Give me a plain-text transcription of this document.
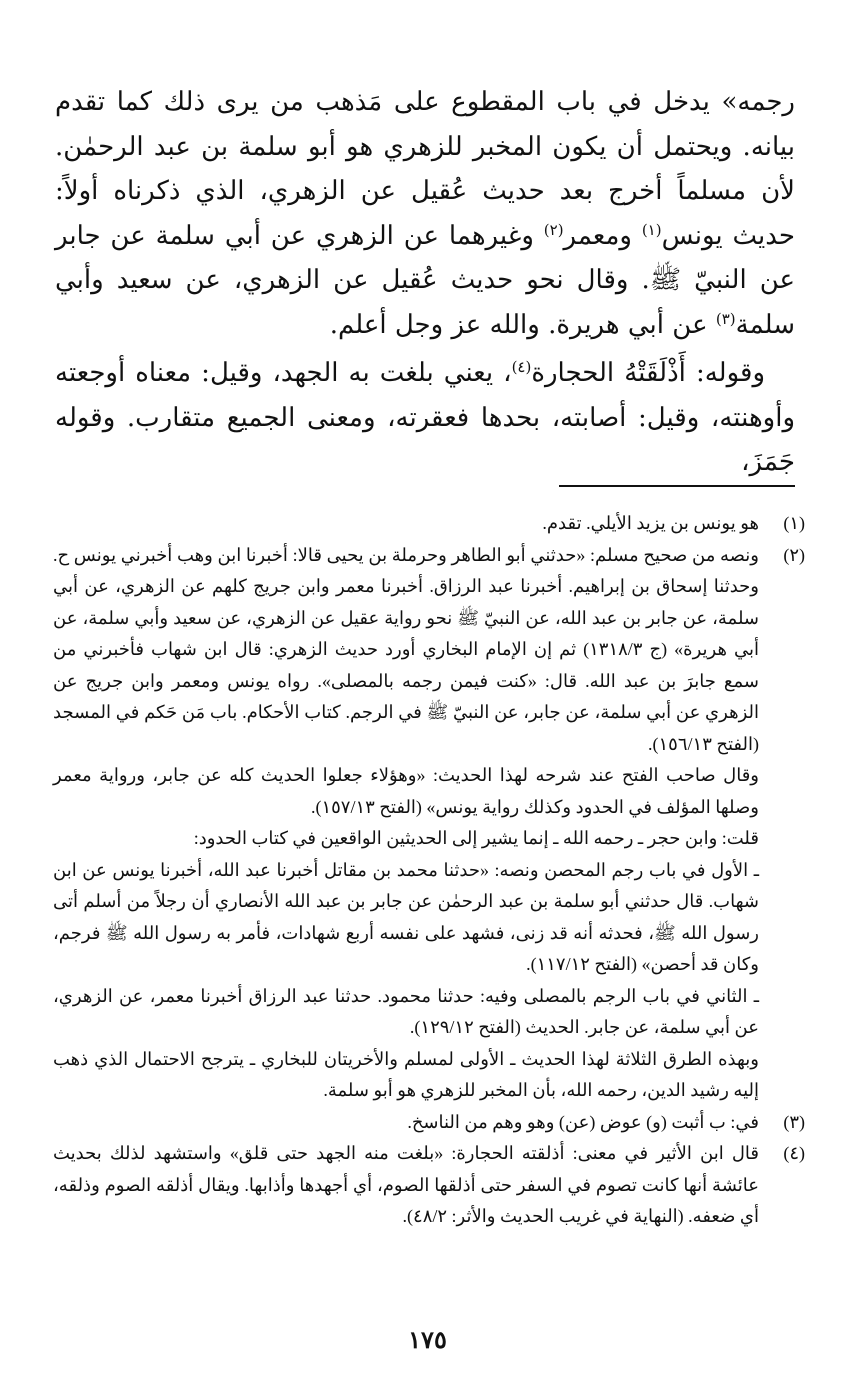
رجمه» يدخل في باب المقطوع على مَذهب من يرى ذلك كما تقدم بيانه. ويحتمل أن يكون المخبر للزهري هو أبو سلمة بن عبد الرحمٰن. لأن مسلماً أخرج بعد حديث عُقيل عن الزهري، الذي ذكرناه أولاً: حديث يونس$^{(١)}$ ومعمر$^{(٢)}$ وغيرهما عن الزهري عن أبي سلمة عن جابر عن النبيّ ﷺ. وقال نحو حديث عُقيل عن الزهري، عن سعيد وأبي سلمة$^{(٣)}$ عن أبي هريرة. والله عز وجل أعلم.

وقوله: أَذْلَقَتْهُ الحجارة$^{(٤)}$، يعني بلغت به الجهد، وقيل: معناه أوجعته وأوهنته، وقيل: أصابته، بحدها فعقرته، ومعنى الجميع متقارب. وقوله جَمَزَ،

(١)

هو يونس بن يزيد الأيلي. تقدم.

(٢)

ونصه من صحيح مسلم: «حدثني أبو الطاهر وحرملة بن يحيى قالا: أخبرنا ابن وهب أخبرني يونس ح. وحدثنا إسحاق بن إبراهيم. أخبرنا عبد الرزاق. أخبرنا معمر وابن جريج كلهم عن الزهري، عن أبي سلمة، عن جابر بن عبد الله، عن النبيّ ﷺ نحو رواية عقيل عن الزهري، عن سعيد وأبي سلمة، عن أبي هريرة» (ج ١٣١٨/٣) ثم إن الإمام البخاري أورد حديث الزهري: قال ابن شهاب فأخبرني من سمع جابرَ بن عبد الله. قال: «كنت فيمن رجمه بالمصلى». رواه يونس ومعمر وابن جريج عن الزهري عن أبي سلمة، عن جابر، عن النبيّ ﷺ في الرجم. كتاب الأحكام. باب مَن حَكم في المسجد (الفتح ١٥٦/١٣).

وقال صاحب الفتح عند شرحه لهذا الحديث: «وهؤلاء جعلوا الحديث كله عن جابر، ورواية معمر وصلها المؤلف في الحدود وكذلك رواية يونس» (الفتح ١٥٧/١٣).

قلت: وابن حجر ـ رحمه الله ـ إنما يشير إلى الحديثين الواقعين في كتاب الحدود:

ـ الأول في باب رجم المحصن ونصه: «حدثنا محمد بن مقاتل أخبرنا عبد الله، أخبرنا يونس عن ابن شهاب. قال حدثني أبو سلمة بن عبد الرحمٰن عن جابر بن عبد الله الأنصاري أن رجلاً من أسلم أتى رسول الله ﷺ، فحدثه أنه قد زنى، فشهد على نفسه أربع شهادات، فأمر به رسول الله ﷺ فرجم، وكان قد أحصن» (الفتح ١١٧/١٢).

ـ الثاني في باب الرجم بالمصلى وفيه: حدثنا محمود. حدثنا عبد الرزاق أخبرنا معمر، عن الزهري، عن أبي سلمة، عن جابر. الحديث (الفتح ١٢٩/١٢).

وبهذه الطرق الثلاثة لهذا الحديث ـ الأولى لمسلم والأخريتان للبخاري ـ يترجح الاحتمال الذي ذهب إليه رشيد الدين، رحمه الله، بأن المخبر للزهري هو أبو سلمة.

(٣)

في: ب أثبت (و) عوض (عن) وهو وهم من الناسخ.

(٤)

قال ابن الأثير في معنى: أذلقته الحجارة: «بلغت منه الجهد حتى قلق» واستشهد لذلك بحديث عائشة أنها كانت تصوم في السفر حتى أذلقها الصوم، أي أجهدها وأذابها. ويقال أذلقه الصوم وذلقه، أي ضعفه. (النهاية في غريب الحديث والأثر: ٤٨/٢).

١٧٥
